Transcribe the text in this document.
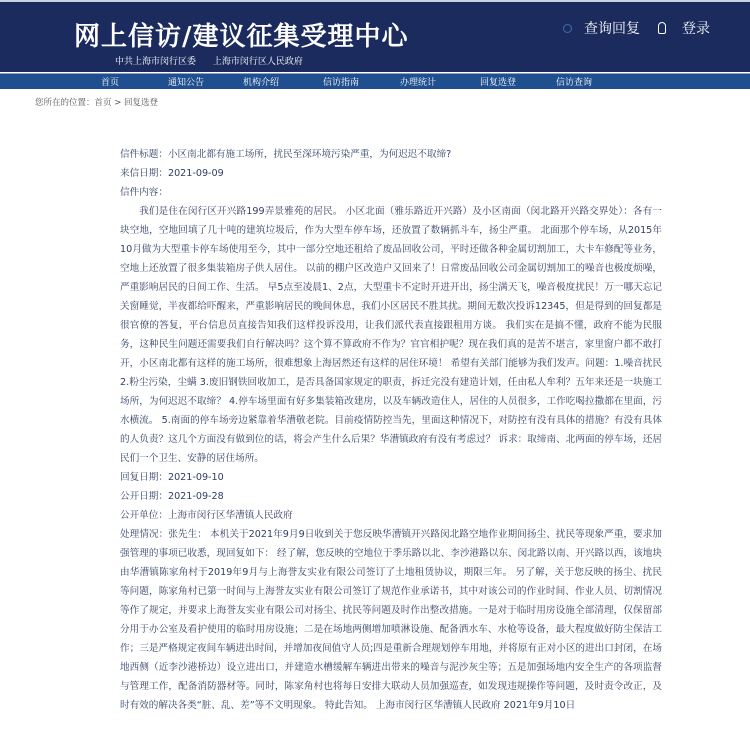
网上信访/建议征集受理中心
中共上海市闵行区委 上海市闵行区人民政府
查询回复	登录
首页	通知公告	机构介绍	信访指南	办理统计	回复选登	信访查询
您所在的位置：首页 > 回复选登

信件标题：小区南北都有施工场所，扰民至深环境污染严重，为何迟迟不取缔?

来信日期：2021-09-09

信件内容：

我们是住在闵行区开兴路199弄景雅苑的居民。 小区北面（雅乐路近开兴路）及小区南面（闵北路开兴路交界处）：各有一块空地，空地回填了几十吨的建筑垃圾后，作为大型车停车场，还放置了数辆抓斗车，扬尘严重。 北面那个停车场，从2015年10月做为大型重卡停车场使用至今，其中一部分空地还租给了废品回收公司，平时还做各种金属切割加工，大卡车修配等业务，空地上还放置了很多集装箱房子供人居住。 以前的棚户区改造户又回来了！日常废品回收公司金属切割加工的噪音也极度烦噪，严重影响居民的日间工作、生活。 早5点至凌晨1、2点，大型重卡不定时开进开出，扬尘满天飞，噪音极度扰民！万一哪天忘记关窗睡觉，半夜都给吓醒来，严重影响居民的晚间休息，我们小区居民不胜其扰。期间无数次投诉12345，但是得到的回复都是很官僚的答复，平台信息员直接告知我们这样投诉没用，让我们派代表直接跟租用方谈。 我们实在是搞不懂，政府不能为民服务，这种民生问题还需要我们自行解决吗？这个算不算政府不作为？官官相护呢？现在我们真的是苦不堪言，家里窗户都不敢打开，小区南北都有这样的施工场所，很难想象上海居然还有这样的居住环境！ 希望有关部门能够为我们发声。问题：1.噪音扰民 2.粉尘污染，尘螨 3.废旧钢铁回收加工，是否具备国家规定的职责，拆迁完没有建造计划，任由私人牟利？五年来还是一块施工场所，为何迟迟不取缔？ 4.停车场里面有好多集装箱改建房，以及车辆改造住人，居住的人员很多，工作吃喝拉撒都在里面，污水横流。 5.南面的停车场旁边紧靠着华漕敬老院。目前疫情防控当先，里面这种情况下，对防控有没有具体的措施？有没有具体的人负责？这几个方面没有做到位的话，将会产生什么后果？华漕镇政府有没有考虑过？ 诉求：取缔南、北两面的停车场，还居民们一个卫生、安静的居住场所。

回复日期：2021-09-10

公开日期：2021-09-28

公开单位：上海市闵行区华漕镇人民政府

处理情况：张先生： 本机关于2021年9月9日收到关于您反映华漕镇开兴路闵北路空地作业期间扬尘、扰民等现象严重，要求加强管理的事项已收悉，现回复如下： 经了解，您反映的空地位于季乐路以北、李沙港路以东、闵北路以南、开兴路以西，该地块由华漕镇陈家角村于2019年9月与上海誉友实业有限公司签订了土地租赁协议，期限三年。 另了解，关于您反映的扬尘、扰民等问题，陈家角村已第一时间与上海誉友实业有限公司签订了规范作业承诺书，其中对该公司的作业时间、作业人员、切割情况等作了规定，并要求上海誉友实业有限公司对扬尘、扰民等问题及时作出整改措施。一是对于临时用房设施全部清理，仅保留部分用于办公室及看护使用的临时用房设施；二是在场地两侧增加喷淋设施、配备洒水车、水枪等设备，最大程度做好防尘保洁工作；三是严格规定夜间车辆进出时间，并增加夜间值守人员;四是重新合理规划停车用地，并将原有正对小区的进出口封闭，在场地西侧（近李沙港桥边）设立进出口，并建造水槽缓解车辆进出带来的噪音与泥沙灰尘等；五是加强场地内安全生产的各项监督与管理工作，配备消防器材等。同时，陈家角村也将每日安排大联动人员加强巡查，如发现违规操作等问题，及时责令改正，及时有效的解决各类“脏、乱、差”等不文明现象。 特此告知。 上海市闵行区华漕镇人民政府 2021年9月10日
